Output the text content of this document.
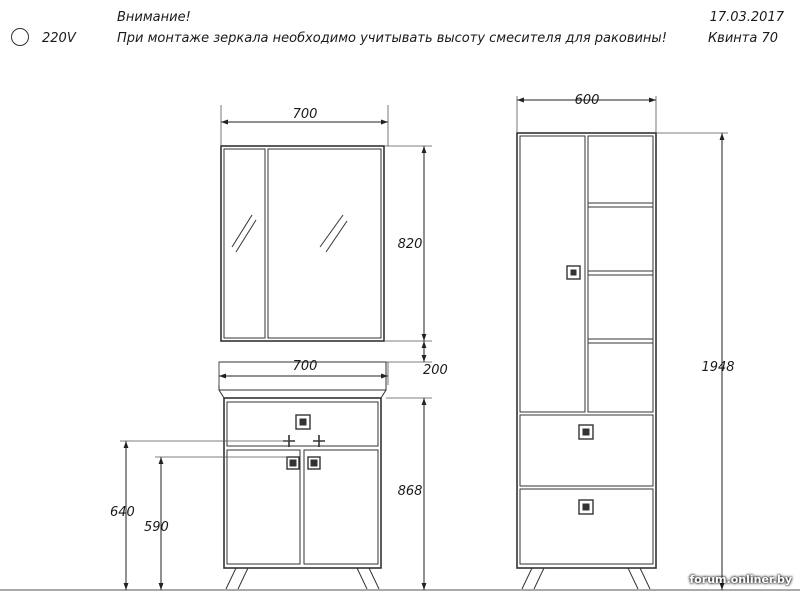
220V
Внимание!
При монтаже зеркала необходимо учитывать высоту смесителя для раковины!
17.03.2017
Квинта 70
700
820
700	200
868
640
590
600
1948
forum.onliner.by
